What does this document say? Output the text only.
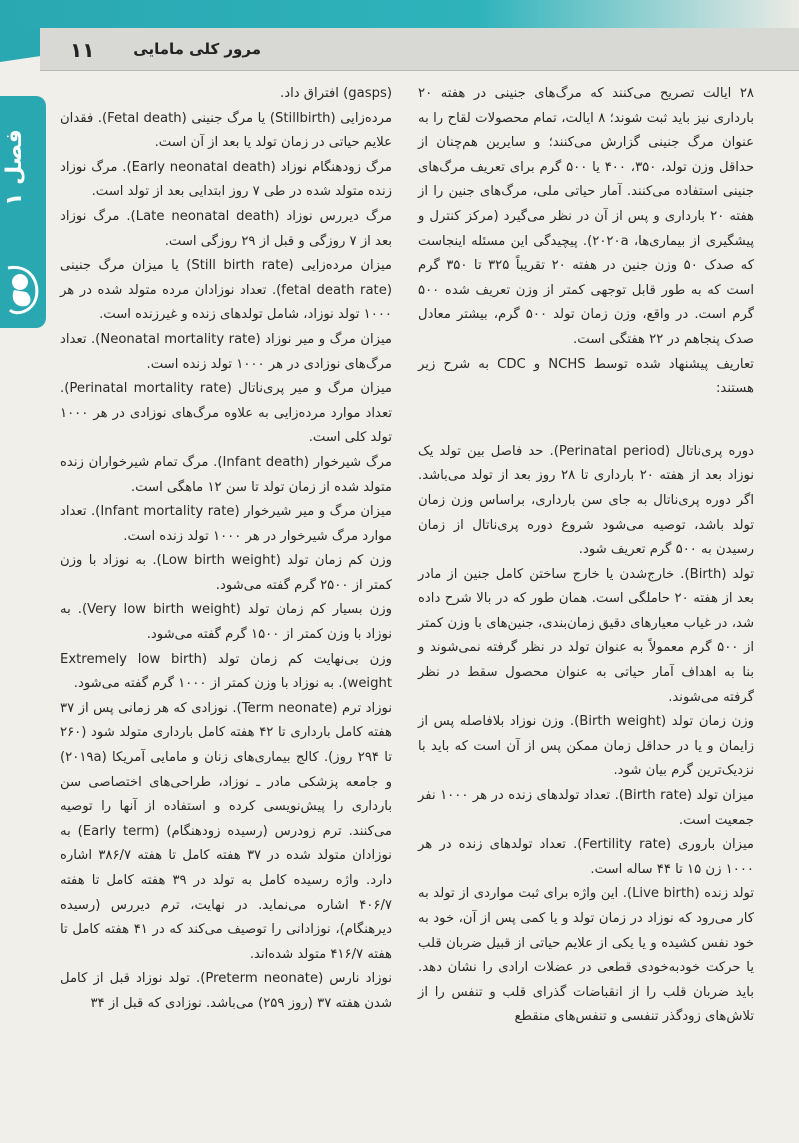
مرور کلی مامایی
۱۱
فصل ۱

۲۸ ایالت تصریح می‌کنند که مرگ‌های جنینی در هفته ۲۰ بارداری نیز باید ثبت شوند؛ ۸ ایالت، تمام محصولات لقاح را به عنوان مرگ جنینی گزارش می‌کنند؛ و سایرین هم‌چنان از حداقل وزن تولد، ۳۵۰، ۴۰۰ یا ۵۰۰ گرم برای تعریف مرگ‌های جنینی استفاده می‌کنند. آمار حیاتی ملی، مرگ‌های جنین را از هفته ۲۰ بارداری و پس از آن در نظر می‌گیرد (مرکز کنترل و پیشگیری از بیماری‌ها، ۲۰۲۰a). پیچیدگی این مسئله اینجاست که صدک ۵۰ وزن جنین در هفته ۲۰ تقریباً ۳۲۵ تا ۳۵۰ گرم است که به طور قابل توجهی کمتر از وزن تعریف شده ۵۰۰ گرم است. در واقع، وزن زمان تولد ۵۰۰ گرم، بیشتر معادل صدک پنجاهم در ۲۲ هفتگی است.

تعاریف پیشنهاد شده توسط NCHS و CDC به شرح زیر هستند:

دوره پری‌ناتال (Perinatal period). حد فاصل بین تولد یک نوزاد بعد از هفته ۲۰ بارداری تا ۲۸ روز بعد از تولد می‌باشد. اگر دوره پری‌ناتال به جای سن بارداری، براساس وزن زمان تولد باشد، توصیه می‌شود شروع دوره پری‌ناتال از زمان رسیدن به ۵۰۰ گرم تعریف شود.

تولد (Birth). خارج‌شدن یا خارج ساختن کامل جنین از مادر بعد از هفته ۲۰ حاملگی است. همان طور که در بالا شرح داده شد، در غیاب معیارهای دقیق زمان‌بندی، جنین‌های با وزن کمتر از ۵۰۰ گرم معمولاً به عنوان تولد در نظر گرفته نمی‌شوند و بنا به اهداف آمار حیاتی به عنوان محصول سقط در نظر گرفته می‌شوند.

وزن زمان تولد (Birth weight). وزن نوزاد بلافاصله پس از زایمان و یا در حداقل زمان ممکن پس از آن است که باید با نزدیک‌ترین گرم بیان شود.

میزان تولد (Birth rate). تعداد تولدهای زنده در هر ۱۰۰۰ نفر جمعیت است.

میزان باروری (Fertility rate). تعداد تولدهای زنده در هر ۱۰۰۰ زن ۱۵ تا ۴۴ ساله است.

تولد زنده (Live birth). این واژه برای ثبت مواردی از تولد به کار می‌رود که نوزاد در زمان تولد و یا کمی پس از آن، خود به خود نفس کشیده و یا یکی از علایم حیاتی از قبیل ضربان قلب یا حرکت خودبه‌خودی قطعی در عضلات ارادی را نشان دهد. باید ضربان قلب را از انقباضات گذرای قلب و تنفس را از تلاش‌های زودگذر تنفسی و تنفس‌های منقطع

(gasps) افتراق داد.

مرده‌زایی (Stillbirth) یا مرگ جنینی (Fetal death). فقدان علایم حیاتی در زمان تولد یا بعد از آن است.

مرگ زودهنگام نوزاد (Early neonatal death). مرگ نوزاد زنده متولد شده در طی ۷ روز ابتدایی بعد از تولد است.

مرگ دیررس نوزاد (Late neonatal death). مرگ نوزاد بعد از ۷ روزگی و قبل از ۲۹ روزگی است.

میزان مرده‌زایی (Still birth rate) یا میزان مرگ جنینی (fetal death rate). تعداد نوزادان مرده متولد شده در هر ۱۰۰۰ تولد نوزاد، شامل تولدهای زنده و غیرزنده است.

میزان مرگ و میر نوزاد (Neonatal mortality rate). تعداد مرگ‌های نوزادی در هر ۱۰۰۰ تولد زنده است.

میزان مرگ و میر پری‌ناتال (Perinatal mortality rate). تعداد موارد مرده‌زایی به علاوه مرگ‌های نوزادی در هر ۱۰۰۰ تولد کلی است.

مرگ شیرخوار (Infant death). مرگ تمام شیرخواران زنده متولد شده از زمان تولد تا سن ۱۲ ماهگی است.

میزان مرگ و میر شیرخوار (Infant mortality rate). تعداد موارد مرگ شیرخوار در هر ۱۰۰۰ تولد زنده است.

وزن کم زمان تولد (Low birth weight). به نوزاد با وزن کمتر از ۲۵۰۰ گرم گفته می‌شود.

وزن بسیار کم زمان تولد (Very low birth weight). به نوزاد با وزن کمتر از ۱۵۰۰ گرم گفته می‌شود.

وزن بی‌نهایت کم زمان تولد (Extremely low birth weight). به نوزاد با وزن کمتر از ۱۰۰۰ گرم گفته می‌شود.

نوزاد ترم (Term neonate). نوزادی که هر زمانی پس از ۳۷ هفته کامل بارداری تا ۴۲ هفته کامل بارداری متولد شود (۲۶۰ تا ۲۹۴ روز). کالج بیماری‌های زنان و مامایی آمریکا (۲۰۱۹a) و جامعه پزشکی مادر ـ نوزاد، طراحی‌های اختصاصی سن بارداری را پیش‌نویسی کرده و استفاده از آنها را توصیه می‌کنند. ترم زودرس (رسیده زودهنگام) (Early term) به نوزادان متولد شده در ۳۷ هفته کامل تا هفته ۳۸۶/۷ اشاره دارد. واژه رسیده کامل به تولد در ۳۹ هفته کامل تا هفته ۴۰۶/۷ اشاره می‌نماید. در نهایت، ترم دیررس (رسیده دیرهنگام)، نوزادانی را توصیف می‌کند که در ۴۱ هفته کامل تا هفته ۴۱۶/۷ متولد شده‌اند.

نوزاد نارس (Preterm neonate). تولد نوزاد قبل از کامل شدن هفته ۳۷ (روز ۲۵۹) می‌باشد. نوزادی که قبل از ۳۴
